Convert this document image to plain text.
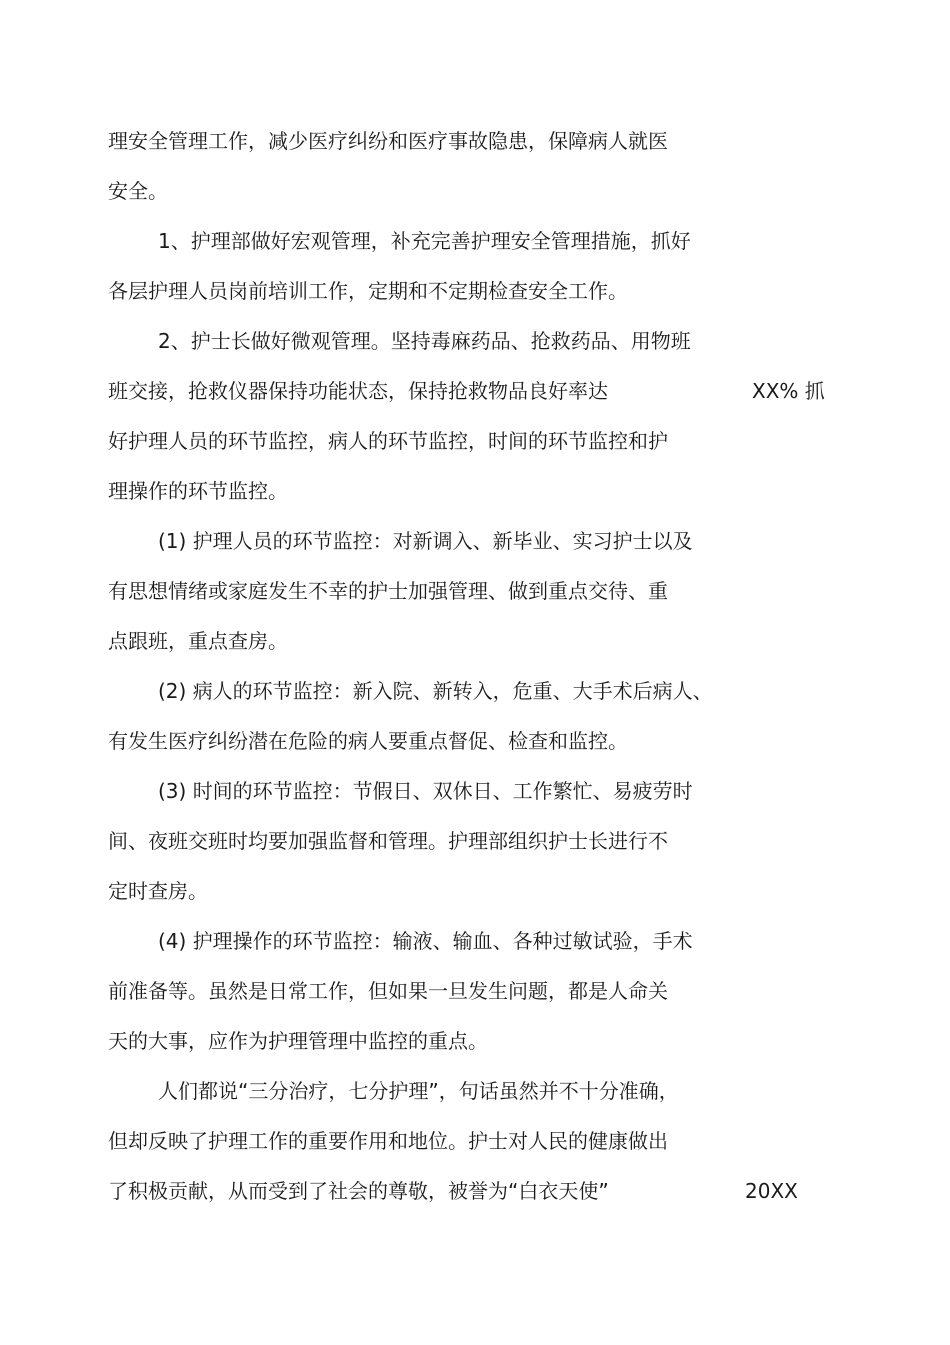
理安全管理工作，减少医疗纠纷和医疗事故隐患，保障病人就医
安全。
1、护理部做好宏观管理，补充完善护理安全管理措施，抓好
各层护理人员岗前培训工作，定期和不定期检查安全工作。
2、护士长做好微观管理。坚持毒麻药品、抢救药品、用物班
班交接，抢救仪器保持功能状态，保持抢救物品良好率达	XX% 抓
好护理人员的环节监控，病人的环节监控，时间的环节监控和护
理操作的环节监控。
(1) 护理人员的环节监控：对新调入、新毕业、实习护士以及
有思想情绪或家庭发生不幸的护士加强管理、做到重点交待、重
点跟班，重点查房。
(2) 病人的环节监控：新入院、新转入，危重、大手术后病人、
有发生医疗纠纷潜在危险的病人要重点督促、检查和监控。
(3) 时间的环节监控：节假日、双休日、工作繁忙、易疲劳时
间、夜班交班时均要加强监督和管理。护理部组织护士长进行不
定时查房。
(4) 护理操作的环节监控：输液、输血、各种过敏试验，手术
前准备等。虽然是日常工作，但如果一旦发生问题，都是人命关
天的大事，应作为护理管理中监控的重点。
人们都说“三分治疗，七分护理”，句话虽然并不十分准确，
但却反映了护理工作的重要作用和地位。护士对人民的健康做出
了积极贡献，从而受到了社会的尊敬，被誉为“白衣天使”	20XX
